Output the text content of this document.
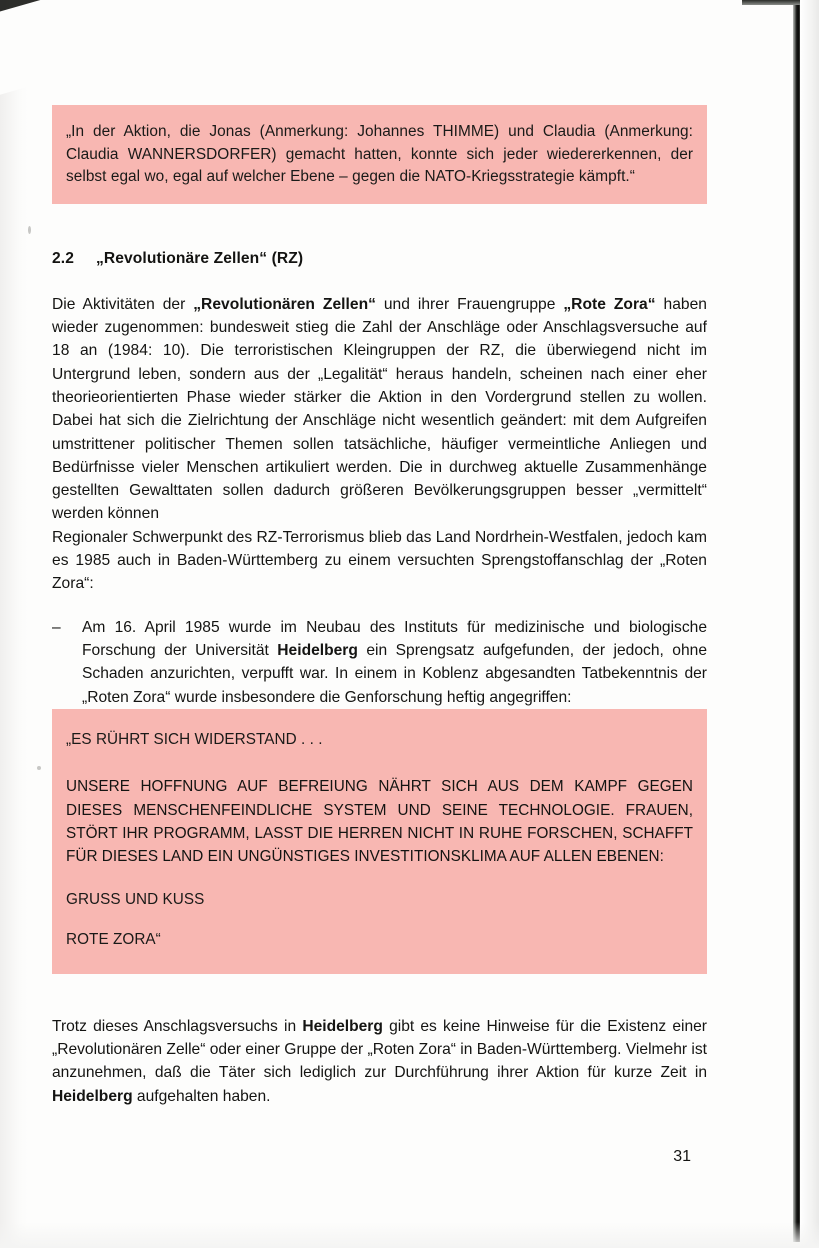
„In der Aktion, die Jonas (Anmerkung: Johannes THIMME) und Claudia (Anmerkung: Claudia WANNERSDORFER) gemacht hatten, konnte sich jeder wiedererkennen, der selbst egal wo, egal auf welcher Ebene – gegen die NATO-Kriegsstrategie kämpft.“

2.2 „Revolutionäre Zellen“ (RZ)

Die Aktivitäten der „Revolutionären Zellen“ und ihrer Frauengruppe „Rote Zora“ haben wieder zugenommen: bundesweit stieg die Zahl der Anschläge oder Anschlagsversuche auf 18 an (1984: 10). Die terroristischen Kleingruppen der RZ, die überwiegend nicht im Untergrund leben, sondern aus der „Legalität“ heraus handeln, scheinen nach einer eher theorieorientierten Phase wieder stärker die Aktion in den Vordergrund stellen zu wollen. Dabei hat sich die Zielrichtung der Anschläge nicht wesentlich geändert: mit dem Aufgreifen umstrittener politischer Themen sollen tatsächliche, häufiger vermeintliche Anliegen und Bedürfnisse vieler Menschen artikuliert werden. Die in durchweg aktuelle Zusammenhänge gestellten Gewalttaten sollen dadurch größeren Bevölkerungsgruppen besser „vermittelt“ werden können

Regionaler Schwerpunkt des RZ-Terrorismus blieb das Land Nordrhein-Westfalen, jedoch kam es 1985 auch in Baden-Württemberg zu einem versuchten Sprengstoffanschlag der „Roten Zora“:

– Am 16. April 1985 wurde im Neubau des Instituts für medizinische und biologische Forschung der Universität Heidelberg ein Sprengsatz aufgefunden, der jedoch, ohne Schaden anzurichten, verpufft war. In einem in Koblenz abgesandten Tatbekenntnis der „Roten Zora“ wurde insbesondere die Genforschung heftig angegriffen:

„ES RÜHRT SICH WIDERSTAND . . .

UNSERE HOFFNUNG AUF BEFREIUNG NÄHRT SICH AUS DEM KAMPF GEGEN DIESES MENSCHENFEINDLICHE SYSTEM UND SEINE TECHNOLOGIE. FRAUEN, STÖRT IHR PROGRAMM, LASST DIE HERREN NICHT IN RUHE FORSCHEN, SCHAFFT FÜR DIESES LAND EIN UNGÜNSTIGES INVESTITIONSKLIMA AUF ALLEN EBENEN:

GRUSS UND KUSS

ROTE ZORA“

Trotz dieses Anschlagsversuchs in Heidelberg gibt es keine Hinweise für die Existenz einer „Revolutionären Zelle“ oder einer Gruppe der „Roten Zora“ in Baden-Württemberg. Vielmehr ist anzunehmen, daß die Täter sich lediglich zur Durchführung ihrer Aktion für kurze Zeit in Heidelberg aufgehalten haben.

31
